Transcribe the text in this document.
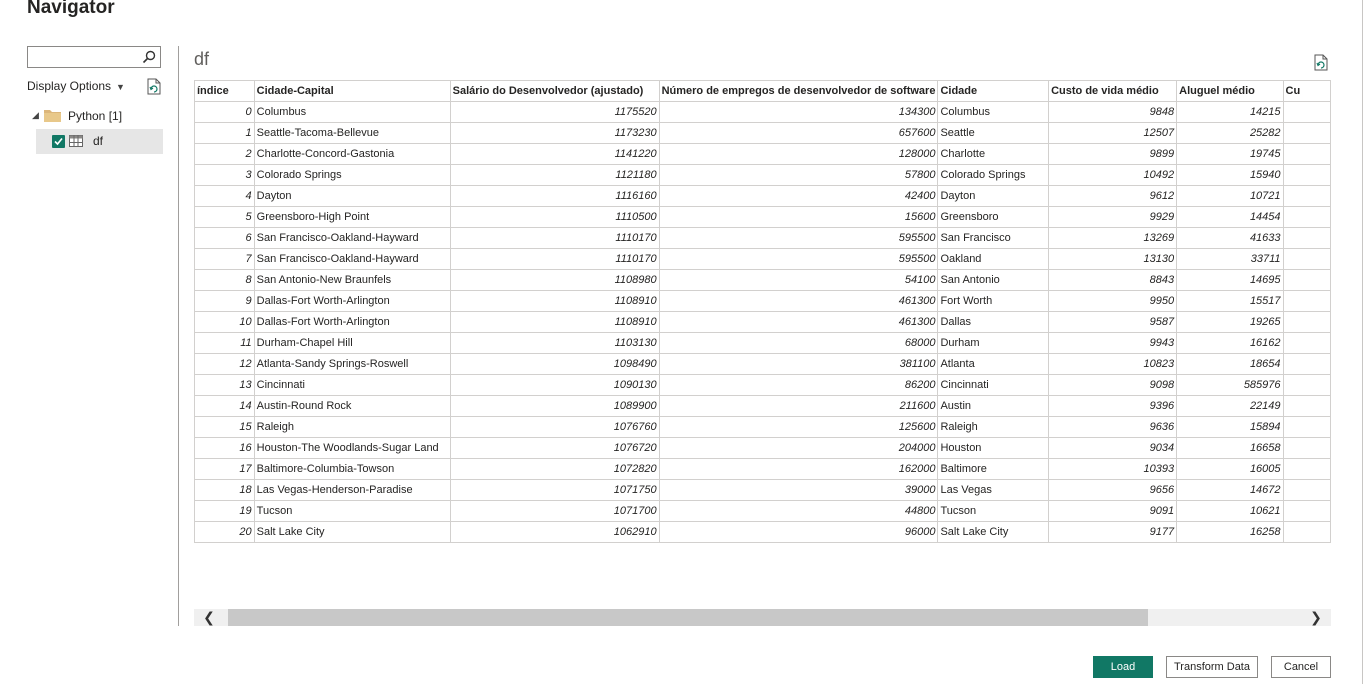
Navigator
Display Options ▼
◢ Python [1]
df
df
índice	Cidade-Capital	Salário do Desenvolvedor (ajustado)	Número de empregos de desenvolvedor de software	Cidade	Custo de vida médio	Aluguel médio	Cu
0	Columbus	1175520	134300	Columbus	9848	14215	
1	Seattle-Tacoma-Bellevue	1173230	657600	Seattle	12507	25282	
2	Charlotte-Concord-Gastonia	1141220	128000	Charlotte	9899	19745	
3	Colorado Springs	1121180	57800	Colorado Springs	10492	15940	
4	Dayton	1116160	42400	Dayton	9612	10721	
5	Greensboro-High Point	1110500	15600	Greensboro	9929	14454	
6	San Francisco-Oakland-Hayward	1110170	595500	San Francisco	13269	41633	
7	San Francisco-Oakland-Hayward	1110170	595500	Oakland	13130	33711	
8	San Antonio-New Braunfels	1108980	54100	San Antonio	8843	14695	
9	Dallas-Fort Worth-Arlington	1108910	461300	Fort Worth	9950	15517	
10	Dallas-Fort Worth-Arlington	1108910	461300	Dallas	9587	19265	
11	Durham-Chapel Hill	1103130	68000	Durham	9943	16162	
12	Atlanta-Sandy Springs-Roswell	1098490	381100	Atlanta	10823	18654	
13	Cincinnati	1090130	86200	Cincinnati	9098	585976	
14	Austin-Round Rock	1089900	211600	Austin	9396	22149	
15	Raleigh	1076760	125600	Raleigh	9636	15894	
16	Houston-The Woodlands-Sugar Land	1076720	204000	Houston	9034	16658	
17	Baltimore-Columbia-Towson	1072820	162000	Baltimore	10393	16005	
18	Las Vegas-Henderson-Paradise	1071750	39000	Las Vegas	9656	14672	
19	Tucson	1071700	44800	Tucson	9091	10621	
20	Salt Lake City	1062910	96000	Salt Lake City	9177	16258	
❮	❯
Load	Transform Data	Cancel
